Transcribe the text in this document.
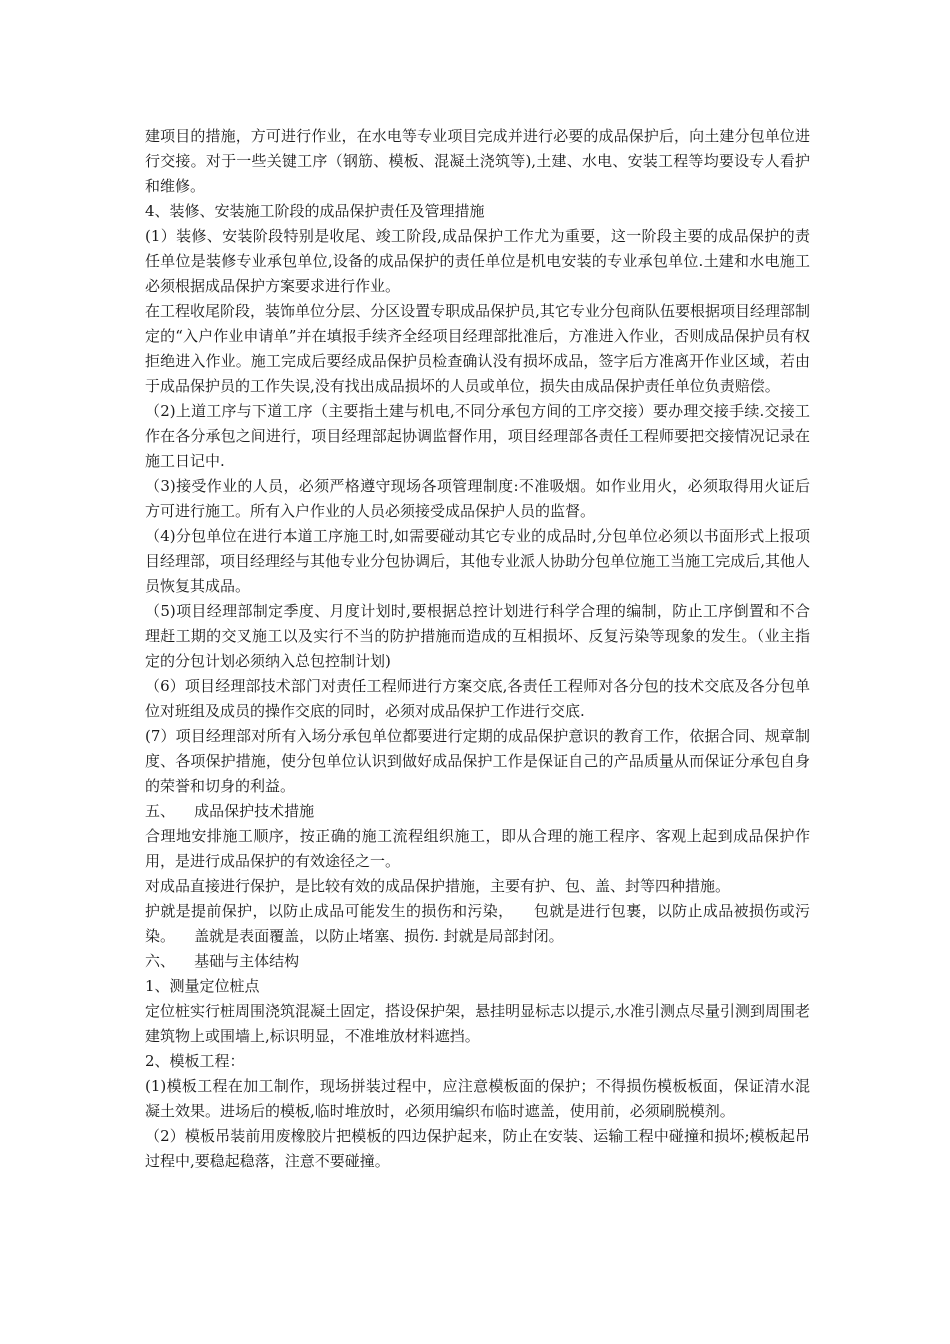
建项目的措施，方可进行作业，在水电等专业项目完成并进行必要的成品保护后，向土建分包单位进行交接。对于一些关键工序（钢筋、模板、混凝土浇筑等),土建、水电、安装工程等均要设专人看护和维修。

4、装修、安装施工阶段的成品保护责任及管理措施

(1）装修、安装阶段特别是收尾、竣工阶段,成品保护工作尤为重要，这一阶段主要的成品保护的责任单位是装修专业承包单位,设备的成品保护的责任单位是机电安装的专业承包单位.土建和水电施工必须根据成品保护方案要求进行作业。

在工程收尾阶段，装饰单位分层、分区设置专职成品保护员,其它专业分包商队伍要根据项目经理部制定的“入户作业申请单”并在填报手续齐全经项目经理部批准后，方准进入作业，否则成品保护员有权拒绝进入作业。施工完成后要经成品保护员检查确认没有损坏成品，签字后方准离开作业区域，若由于成品保护员的工作失误,没有找出成品损坏的人员或单位，损失由成品保护责任单位负责赔偿。

（2)上道工序与下道工序（主要指土建与机电,不同分承包方间的工序交接）要办理交接手续.交接工作在各分承包之间进行，项目经理部起协调监督作用，项目经理部各责任工程师要把交接情况记录在施工日记中.

（3)接受作业的人员，必须严格遵守现场各项管理制度:不准吸烟。如作业用火，必须取得用火证后方可进行施工。所有入户作业的人员必须接受成品保护人员的监督。

（4)分包单位在进行本道工序施工时,如需要碰动其它专业的成品时,分包单位必须以书面形式上报项目经理部，项目经理经与其他专业分包协调后，其他专业派人协助分包单位施工当施工完成后,其他人员恢复其成品。

（5)项目经理部制定季度、月度计划时,要根据总控计划进行科学合理的编制，防止工序倒置和不合理赶工期的交叉施工以及实行不当的防护措施而造成的互相损坏、反复污染等现象的发生。（业主指定的分包计划必须纳入总包控制计划)

（6）项目经理部技术部门对责任工程师进行方案交底,各责任工程师对各分包的技术交底及各分包单位对班组及成员的操作交底的同时，必须对成品保护工作进行交底.

(7）项目经理部对所有入场分承包单位都要进行定期的成品保护意识的教育工作，依据合同、规章制度、各项保护措施，使分包单位认识到做好成品保护工作是保证自己的产品质量从而保证分承包自身的荣誉和切身的利益。

五、    成品保护技术措施

合理地安排施工顺序，按正确的施工流程组织施工，即从合理的施工程序、客观上起到成品保护作用，是进行成品保护的有效途径之一。

对成品直接进行保护，是比较有效的成品保护措施，主要有护、包、盖、封等四种措施。

护就是提前保护，以防止成品可能发生的损伤和污染，    包就是进行包裹，以防止成品被损伤或污染。    盖就是表面覆盖，以防止堵塞、损伤. 封就是局部封闭。

六、    基础与主体结构

1、测量定位桩点

定位桩实行桩周围浇筑混凝土固定，搭设保护架，悬挂明显标志以提示,水准引测点尽量引测到周围老建筑物上或围墙上,标识明显，不准堆放材料遮挡。

2、模板工程：

(1)模板工程在加工制作，现场拼装过程中，应注意模板面的保护；不得损伤模板板面，保证清水混凝土效果。进场后的模板,临时堆放时，必须用编织布临时遮盖，使用前，必须刷脱模剂。

（2）模板吊装前用废橡胶片把模板的四边保护起来，防止在安装、运输工程中碰撞和损坏;模板起吊过程中,要稳起稳落，注意不要碰撞。
